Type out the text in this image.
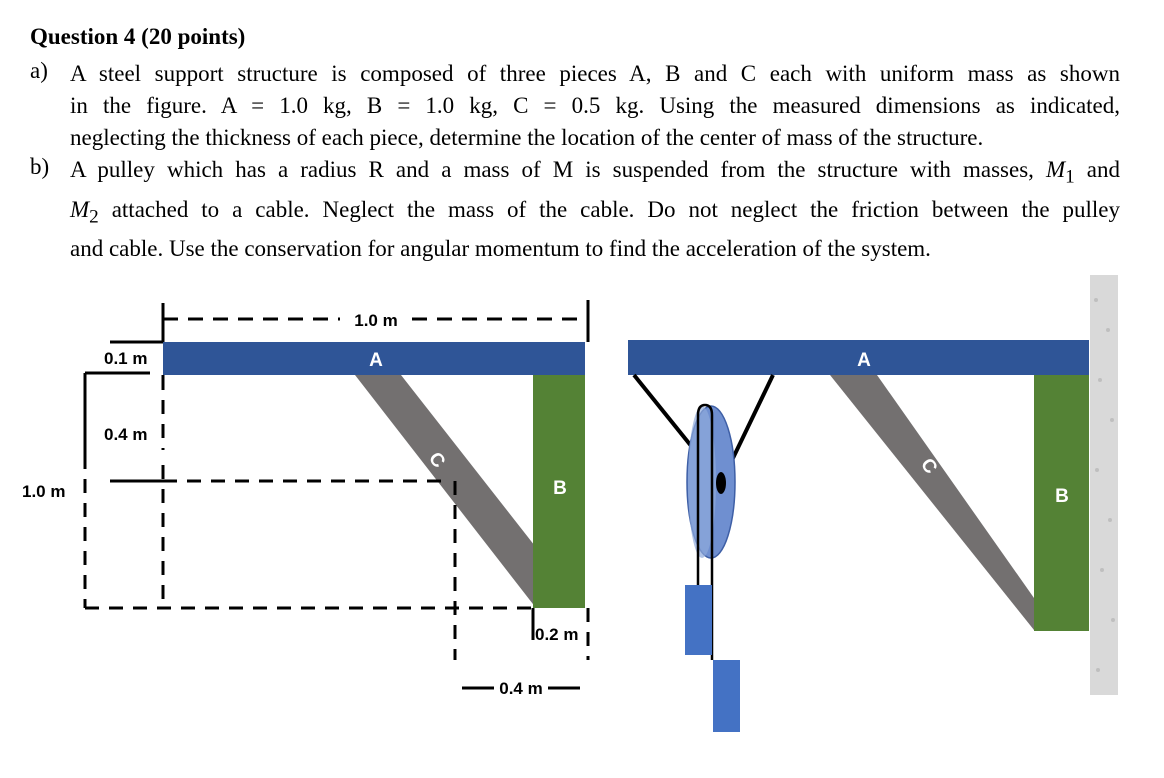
Question 4 (20 points)
a) A steel support structure is composed of three pieces A, B and C each with uniform mass as shown
in the figure. A = 1.0 kg, B = 1.0 kg, C = 0.5 kg. Using the measured dimensions as indicated,
neglecting the thickness of each piece, determine the location of the center of mass of the structure.
b) A pulley which has a radius R and a mass of M is suspended from the structure with masses, $M_1$ and
$M_2$ attached to a cable. Neglect the mass of the cable. Do not neglect the friction between the pulley
and cable. Use the conservation for angular momentum to find the acceleration of the system.
1.0 m
0.1 m
0.4 m
1.0 m
0.2 m
0.4 m
A
B
C
A
B
C
